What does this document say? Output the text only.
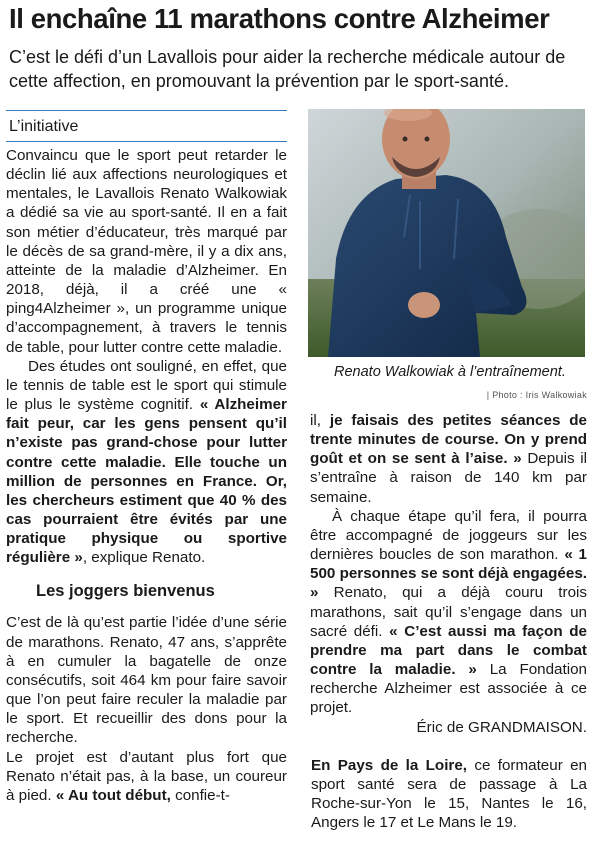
Il enchaîne 11 marathons contre Alzheimer
C’est le défi d’un Lavallois pour aider la recherche médicale autour de cette affection, en promouvant la prévention par le sport-santé.
L’initiative

Convaincu que le sport peut retarder le déclin lié aux affections neurologiques et mentales, le Lavallois Renato Walkowiak a dédié sa vie au sport-santé. Il en a fait son métier d’éducateur, très marqué par le décès de sa grand-mère, il y a dix ans, atteinte de la maladie d’Alzheimer. En 2018, déjà, il a créé une « ping4Alzheimer », un programme unique d’accompagnement, à travers le tennis de table, pour lutter contre cette maladie.

Des études ont souligné, en effet, que le tennis de table est le sport qui stimule le plus le système cognitif. « Alzheimer fait peur, car les gens pensent qu’il n’existe pas grand-chose pour lutter contre cette maladie. Elle touche un million de personnes en France. Or, les chercheurs estiment que 40 % des cas pourraient être évités par une pratique physique ou sportive régulière », explique Renato.

Les joggers bienvenus

C’est de là qu’est partie l’idée d’une série de marathons. Renato, 47 ans, s’apprête à en cumuler la bagatelle de onze consécutifs, soit 464 km pour faire savoir que l’on peut faire reculer la maladie par le sport. Et recueillir des dons pour la recherche.

Le projet est d’autant plus fort que Renato n’était pas, à la base, un coureur à pied. « Au tout début, confie-t-

Renato Walkowiak à l’entraînement.
| Photo : Iris Walkowiak

il, je faisais des petites séances de trente minutes de course. On y prend goût et on se sent à l’aise. » Depuis il s’entraîne à raison de 140 km par semaine.

À chaque étape qu’il fera, il pourra être accompagné de joggeurs sur les dernières boucles de son marathon. « 1 500 personnes se sont déjà engagées. » Renato, qui a déjà couru trois marathons, sait qu’il s’engage dans un sacré défi. « C’est aussi ma façon de prendre ma part dans le combat contre la maladie. » La Fondation recherche Alzheimer est associée à ce projet.

Éric de GRANDMAISON.

En Pays de la Loire, ce formateur en sport santé sera de passage à La Roche-sur-Yon le 15, Nantes le 16, Angers le 17 et Le Mans le 19.
